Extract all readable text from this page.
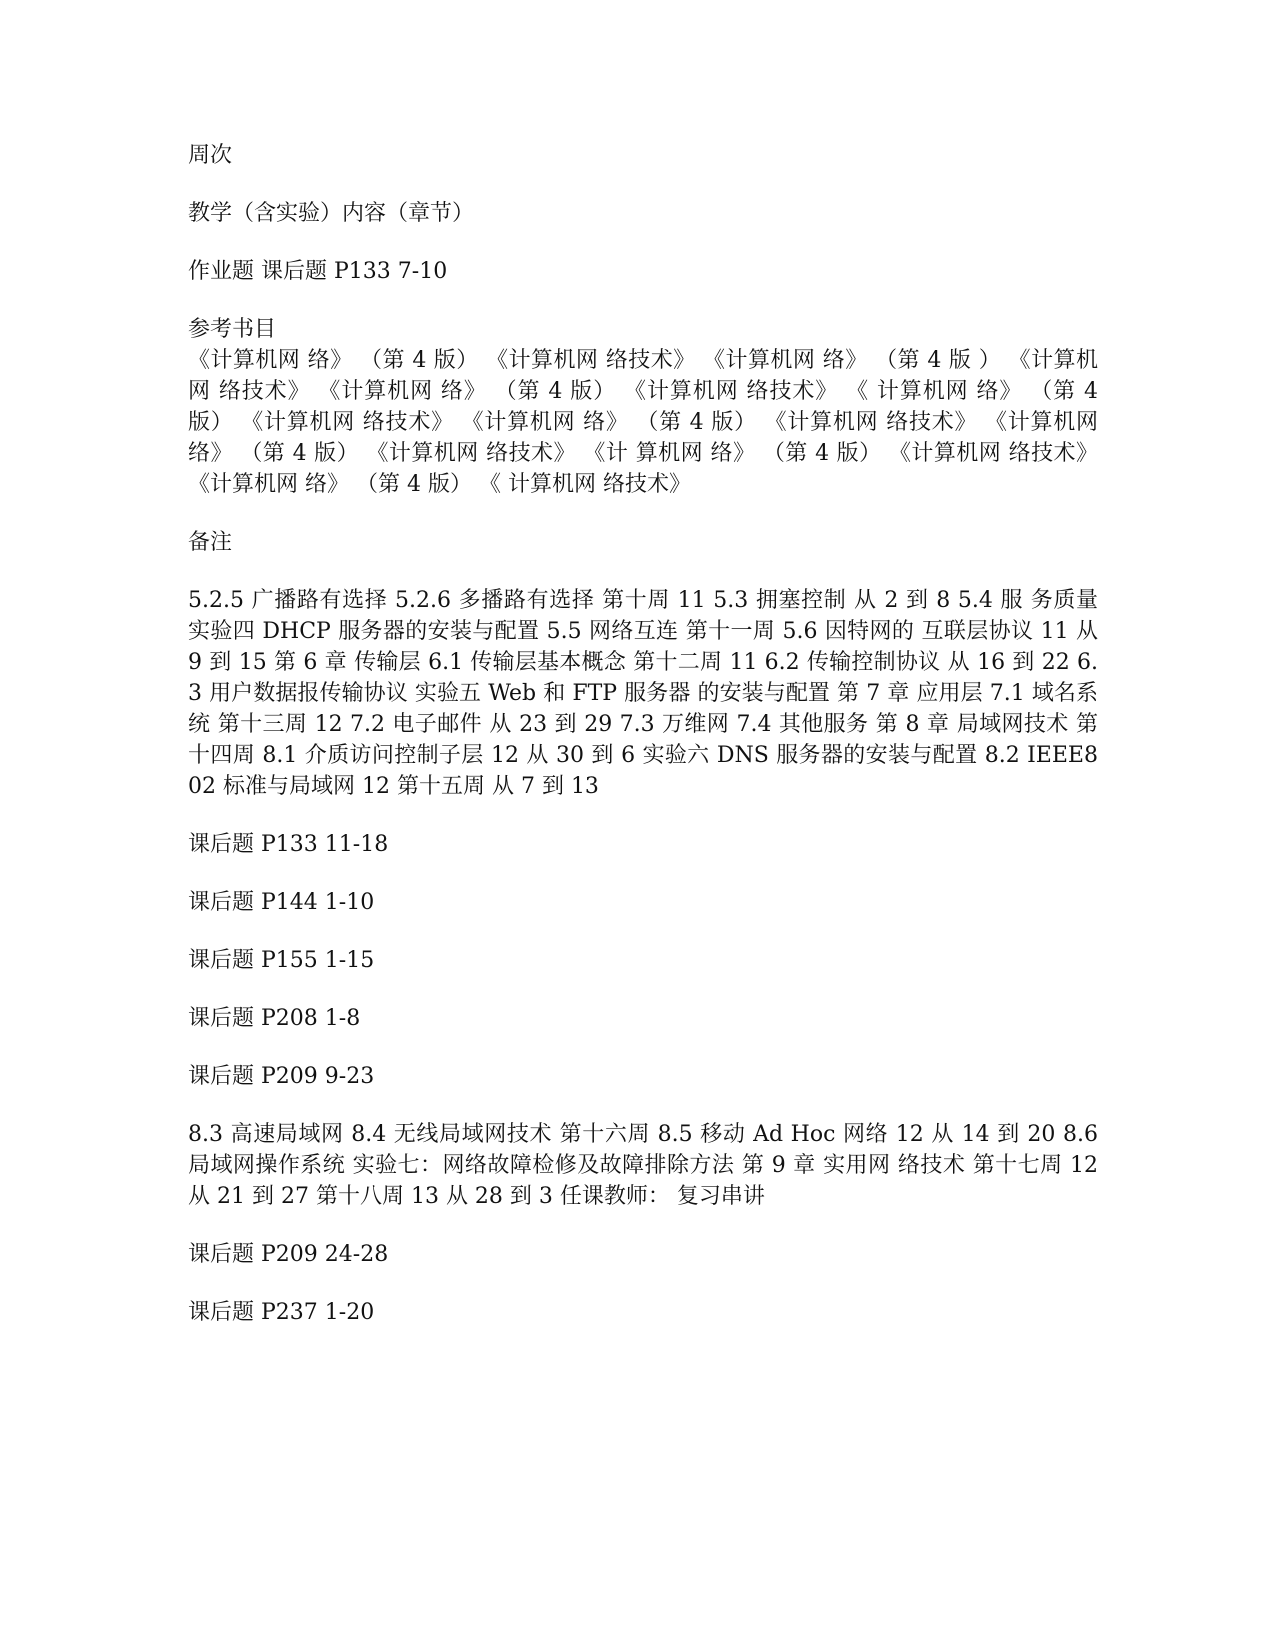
周次

教学（含实验）内容（章节）

作业题 课后题 P133 7-10

参考书目

《计算机网 络》 （第 4 版） 《计算机网 络技术》 《计算机网 络》 （第 4 版 ） 《计算机网 络技术》 《计算机网 络》 （第 4 版） 《计算机网 络技术》 《 计算机网 络》 （第 4 版） 《计算机网 络技术》 《计算机网 络》 （第 4 版） 《计算机网 络技术》 《计算机网 络》 （第 4 版） 《计算机网 络技术》 《计 算机网 络》 （第 4 版） 《计算机网 络技术》 《计算机网 络》 （第 4 版） 《 计算机网 络技术》

备注

5.2.5 广播路有选择 5.2.6 多播路有选择 第十周 11 5.3 拥塞控制 从 2 到 8 5.4 服 务质量 实验四 DHCP 服务器的安装与配置 5.5 网络互连 第十一周 5.6 因特网的 互联层协议 11 从 9 到 15 第 6 章 传输层 6.1 传输层基本概念 第十二周 11 6.2 传输控制协议 从 16 到 22 6.3 用户数据报传输协议 实验五 Web 和 FTP 服务器 的安装与配置 第 7 章 应用层 7.1 域名系统 第十三周 12 7.2 电子邮件 从 23 到 29 7.3 万维网 7.4 其他服务 第 8 章 局域网技术 第十四周 8.1 介质访问控制子层 12 从 30 到 6 实验六 DNS 服务器的安装与配置 8.2 IEEE802 标准与局域网 12 第十五周 从 7 到 13

课后题 P133 11-18

课后题 P144 1-10

课后题 P155 1-15

课后题 P208 1-8

课后题 P209 9-23

8.3 高速局域网 8.4 无线局域网技术 第十六周 8.5 移动 Ad Hoc 网络 12 从 14 到 20 8.6 局域网操作系统 实验七：网络故障检修及故障排除方法 第 9 章 实用网 络技术 第十七周 12 从 21 到 27 第十八周 13 从 28 到 3 任课教师： 复习串讲

课后题 P209 24-28

课后题 P237 1-20
